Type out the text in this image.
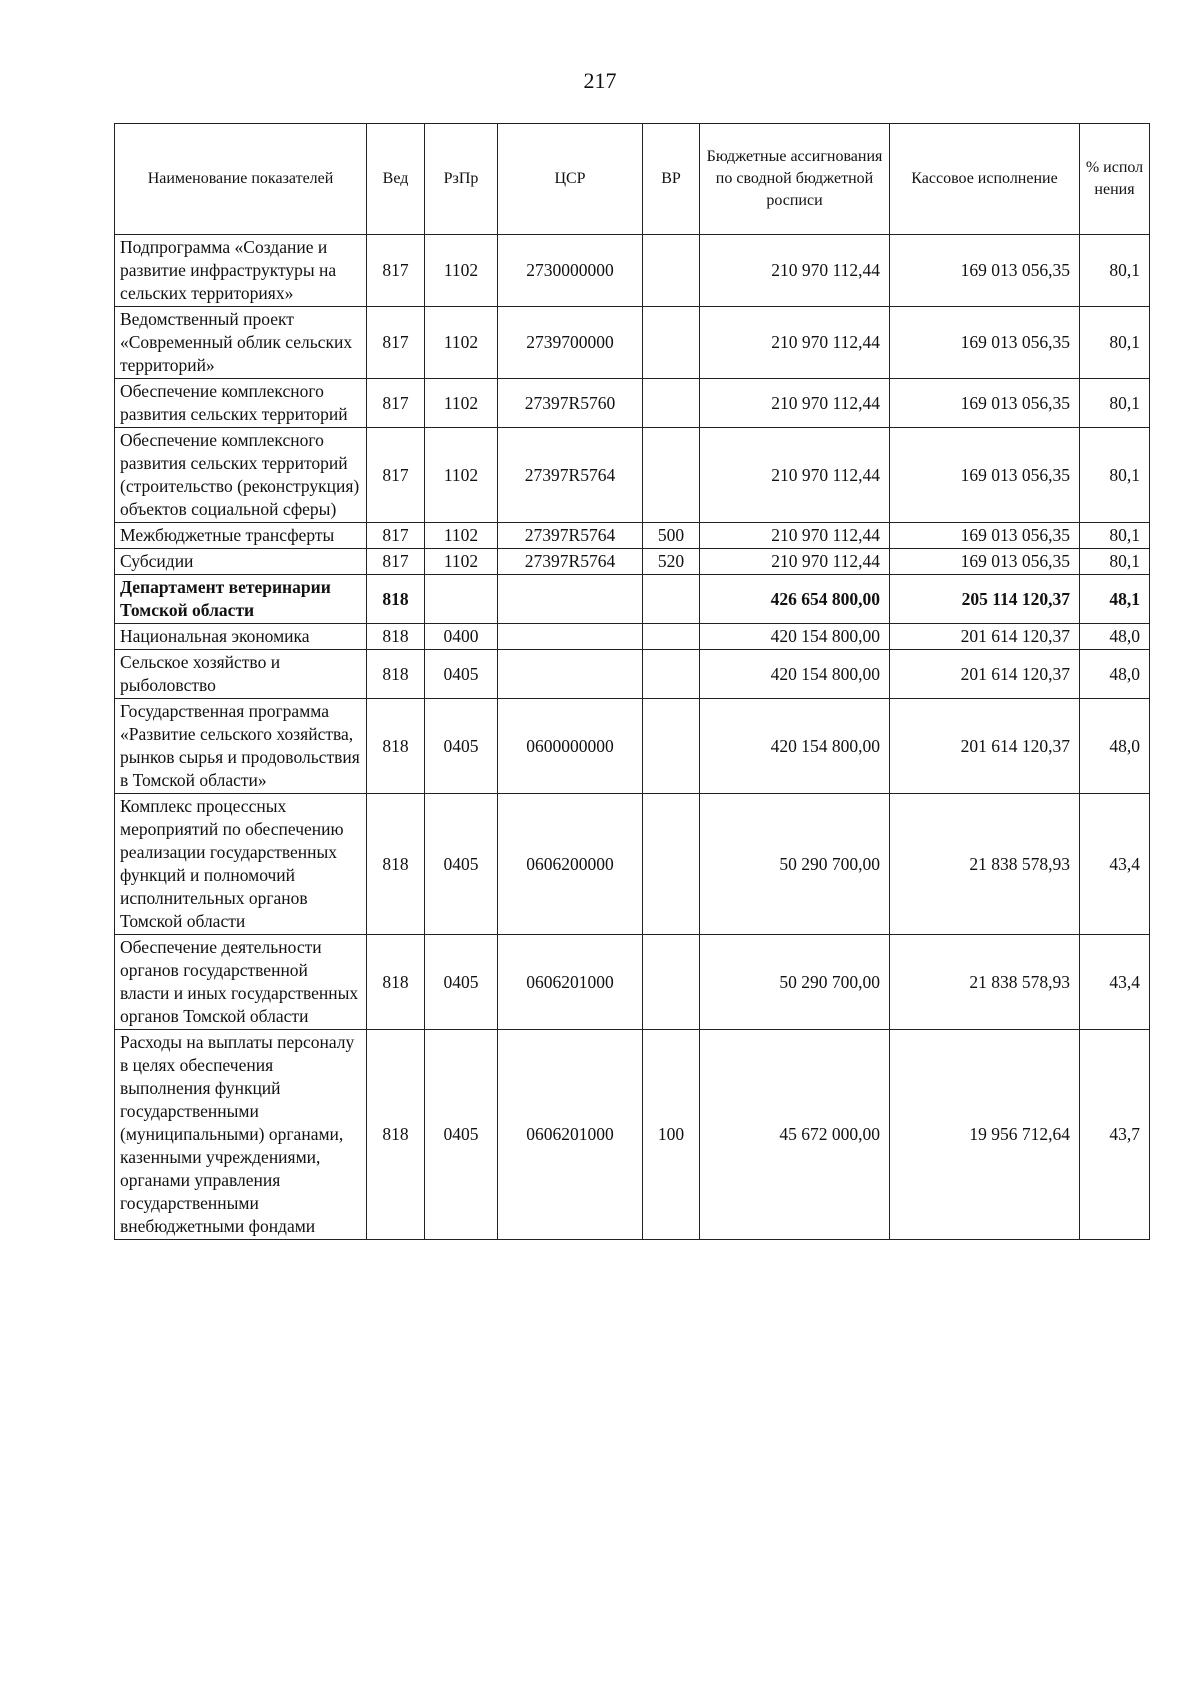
217
Наименование показателей	Вед	РзПр	ЦСР	ВР	Бюджетные ассигнования по сводной бюджетной росписи	Кассовое исполнение	% испол нения
Подпрограмма «Создание и развитие инфраструктуры на сельских территориях»	817	1102	2730000000		210 970 112,44	169 013 056,35	80,1
Ведомственный проект «Современный облик сельских территорий»	817	1102	2739700000		210 970 112,44	169 013 056,35	80,1
Обеспечение комплексного развития сельских территорий	817	1102	27397R5760		210 970 112,44	169 013 056,35	80,1
Обеспечение комплексного развития сельских территорий (строительство (реконструкция) объектов социальной сферы)	817	1102	27397R5764		210 970 112,44	169 013 056,35	80,1
Межбюджетные трансферты	817	1102	27397R5764	500	210 970 112,44	169 013 056,35	80,1
Субсидии	817	1102	27397R5764	520	210 970 112,44	169 013 056,35	80,1
Департамент ветеринарии Томской области	818				426 654 800,00	205 114 120,37	48,1
Национальная экономика	818	0400			420 154 800,00	201 614 120,37	48,0
Сельское хозяйство и рыболовство	818	0405			420 154 800,00	201 614 120,37	48,0
Государственная программа «Развитие сельского хозяйства, рынков сырья и продовольствия в Томской области»	818	0405	0600000000		420 154 800,00	201 614 120,37	48,0
Комплекс процессных мероприятий по обеспечению реализации государственных функций и полномочий исполнительных органов Томской области	818	0405	0606200000		50 290 700,00	21 838 578,93	43,4
Обеспечение деятельности органов государственной власти и иных государственных органов Томской области	818	0405	0606201000		50 290 700,00	21 838 578,93	43,4
Расходы на выплаты персоналу в целях обеспечения выполнения функций государственными (муниципальными) органами, казенными учреждениями, органами управления государственными внебюджетными фондами	818	0405	0606201000	100	45 672 000,00	19 956 712,64	43,7
